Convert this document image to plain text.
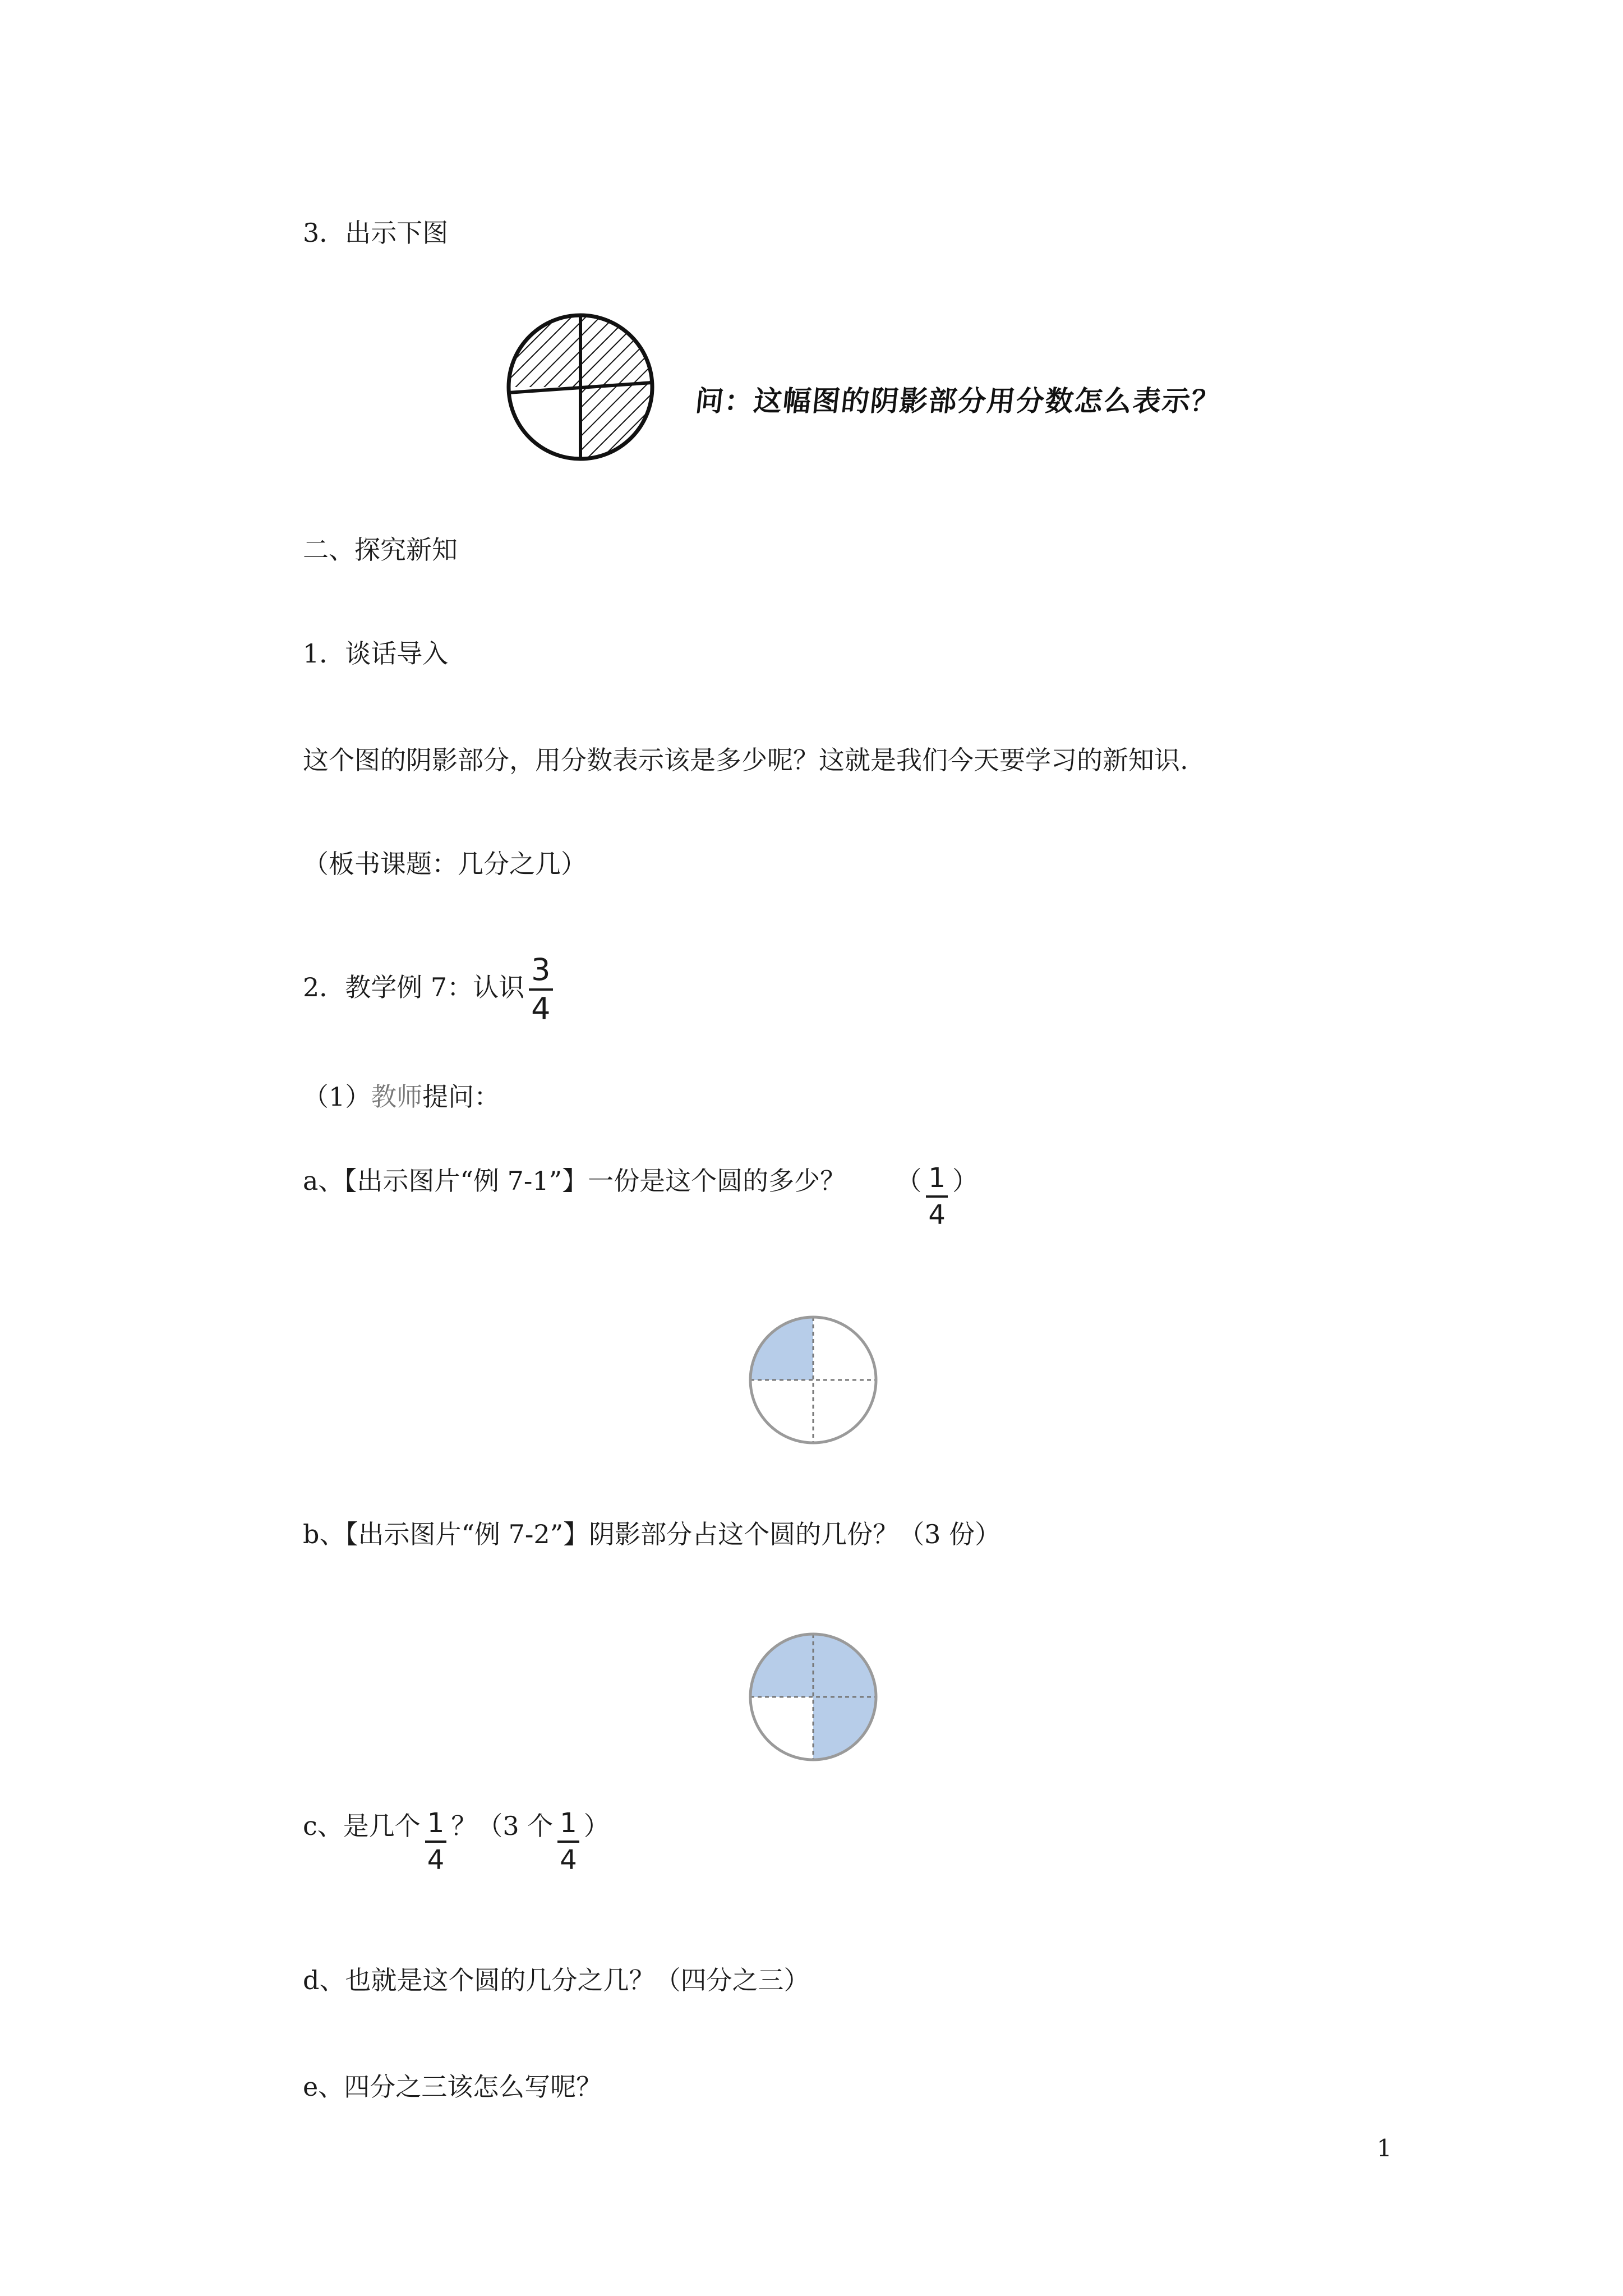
3．出示下图
问：这幅图的阴影部分用分数怎么表示？
二、探究新知
1．谈话导入
这个图的阴影部分，用分数表示该是多少呢？这就是我们今天要学习的新知识.
（板书课题：几分之几）
2．教学例 7：认识 $\frac{3}{4}$
（1）教师提问：
a、【出示图片“例 7-1”】一份是这个圆的多少？ （ $\frac{1}{4}$ ）
b、【出示图片“例 7-2”】阴影部分占这个圆的几份？（3 份）
c、是几个 $\frac{1}{4}$ ？（3 个 $\frac{1}{4}$ ）
d、也就是这个圆的几分之几？（四分之三）
e、四分之三该怎么写呢？
1
